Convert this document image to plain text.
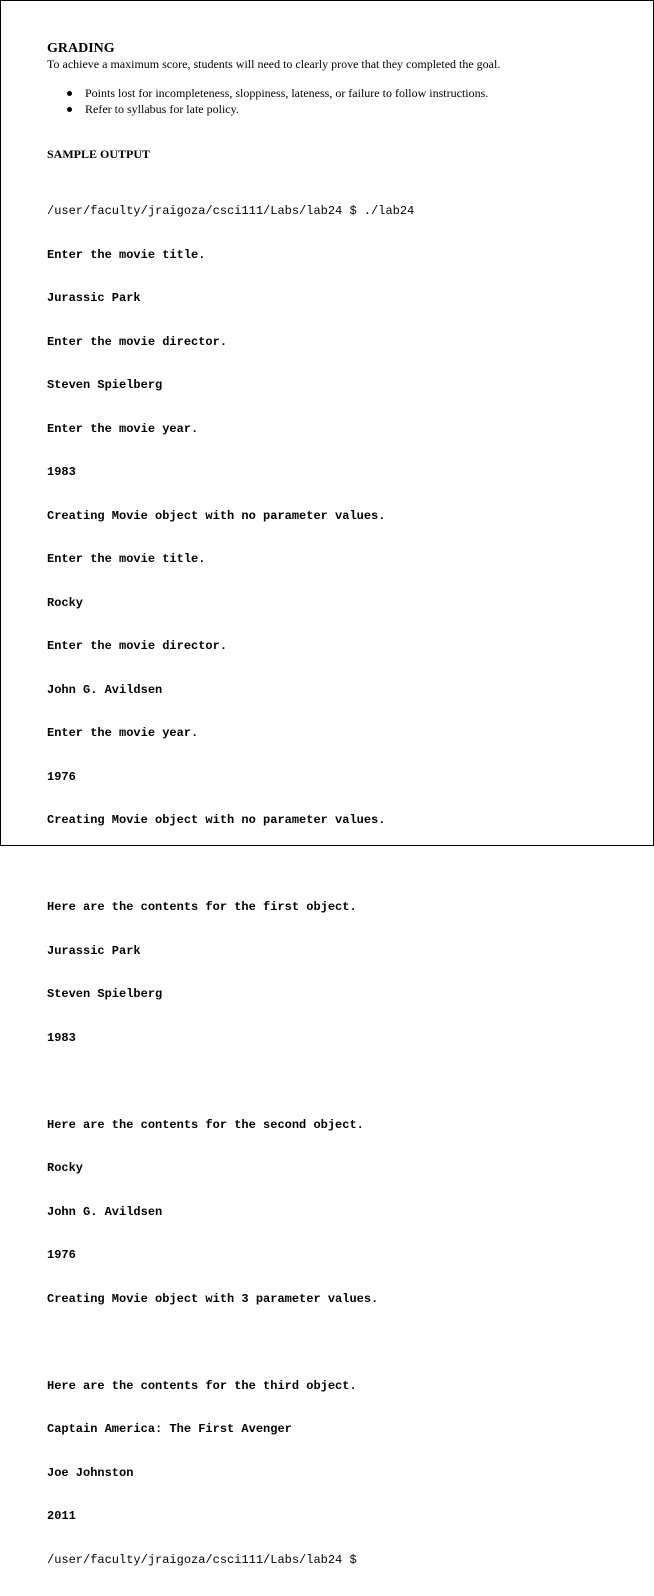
GRADING

To achieve a maximum score, students will need to clearly prove that they completed the goal.

Points lost for incompleteness, sloppiness, lateness, or failure to follow instructions.
Refer to syllabus for late policy.
SAMPLE OUTPUT

/user/faculty/jraigoza/csci111/Labs/lab24 $ ./lab24

Enter the movie title.

Jurassic Park

Enter the movie director.

Steven Spielberg

Enter the movie year.

1983

Creating Movie object with no parameter values.

Enter the movie title.

Rocky

Enter the movie director.

John G. Avildsen

Enter the movie year.

1976

Creating Movie object with no parameter values.

Here are the contents for the first object.

Jurassic Park

Steven Spielberg

1983

Here are the contents for the second object.

Rocky

John G. Avildsen

1976

Creating Movie object with 3 parameter values.

Here are the contents for the third object.

Captain America: The First Avenger

Joe Johnston

2011

/user/faculty/jraigoza/csci111/Labs/lab24 $
